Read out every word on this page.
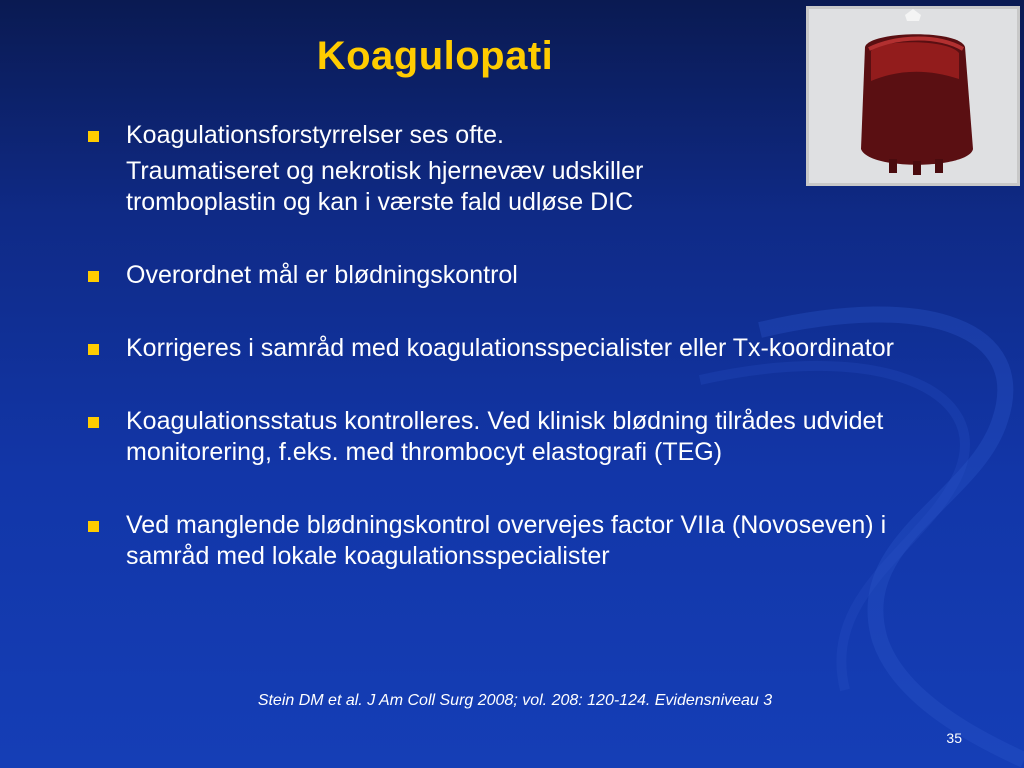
Koagulopati
Koagulationsforstyrrelser ses ofte.
Traumatiseret og nekrotisk hjernevæv udskiller tromboplastin og kan i værste fald udløse DIC
Overordnet mål er blødningskontrol
Korrigeres i samråd med koagulationsspecialister eller Tx-koordinator
Koagulationsstatus kontrolleres. Ved klinisk blødning tilrådes udvidet monitorering, f.eks. med thrombocyt elastografi (TEG)
Ved manglende blødningskontrol overvejes factor VIIa (Novoseven) i samråd med lokale koagulationsspecialister
Stein DM et al. J Am Coll Surg 2008; vol. 208: 120-124. Evidensniveau 3
35
